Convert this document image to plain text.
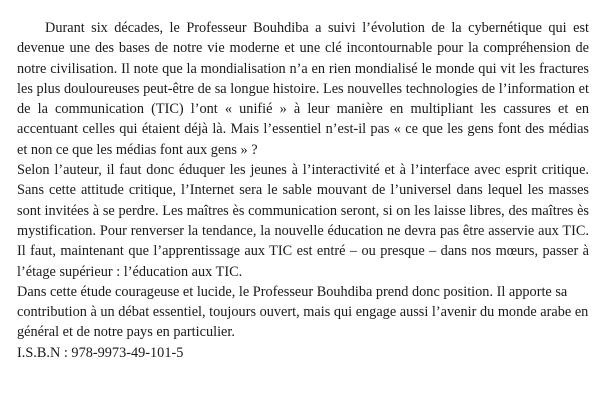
Durant six décades, le Professeur Bouhdiba a suivi l’évolution de la cybernétique qui est devenue une des bases de notre vie moderne et une clé incontournable pour la compréhension de notre civilisation. Il note que la mondialisation n’a en rien mondialisé le monde qui vit les fractures les plus douloureuses peut-être de sa longue histoire. Les nouvelles technologies de l’information et de la communication (TIC) l’ont « unifié » à leur manière en multipliant les cassures et en accentuant celles qui étaient déjà là. Mais l’essentiel n’est-il pas « ce que les gens font des médias et non ce que les médias font aux gens » ?

Selon l’auteur, il faut donc éduquer les jeunes à l’interactivité et à l’interface avec esprit critique. Sans cette attitude critique, l’Internet sera le sable mouvant de l’universel dans lequel les masses sont invitées à se perdre. Les maîtres ès communication seront, si on les laisse libres, des maîtres ès mystification. Pour renverser la tendance, la nouvelle éducation ne devra pas être asservie aux TIC. Il faut, maintenant que l’apprentissage aux TIC est entré – ou presque – dans nos mœurs, passer à l’étage supérieur : l’éducation aux TIC.

Dans cette étude courageuse et lucide, le Professeur Bouhdiba prend donc position. Il apporte sa contribution à un débat essentiel, toujours ouvert, mais qui engage aussi l’avenir du monde arabe en général et de notre pays en particulier.

I.S.B.N : 978-9973-49-101-5
